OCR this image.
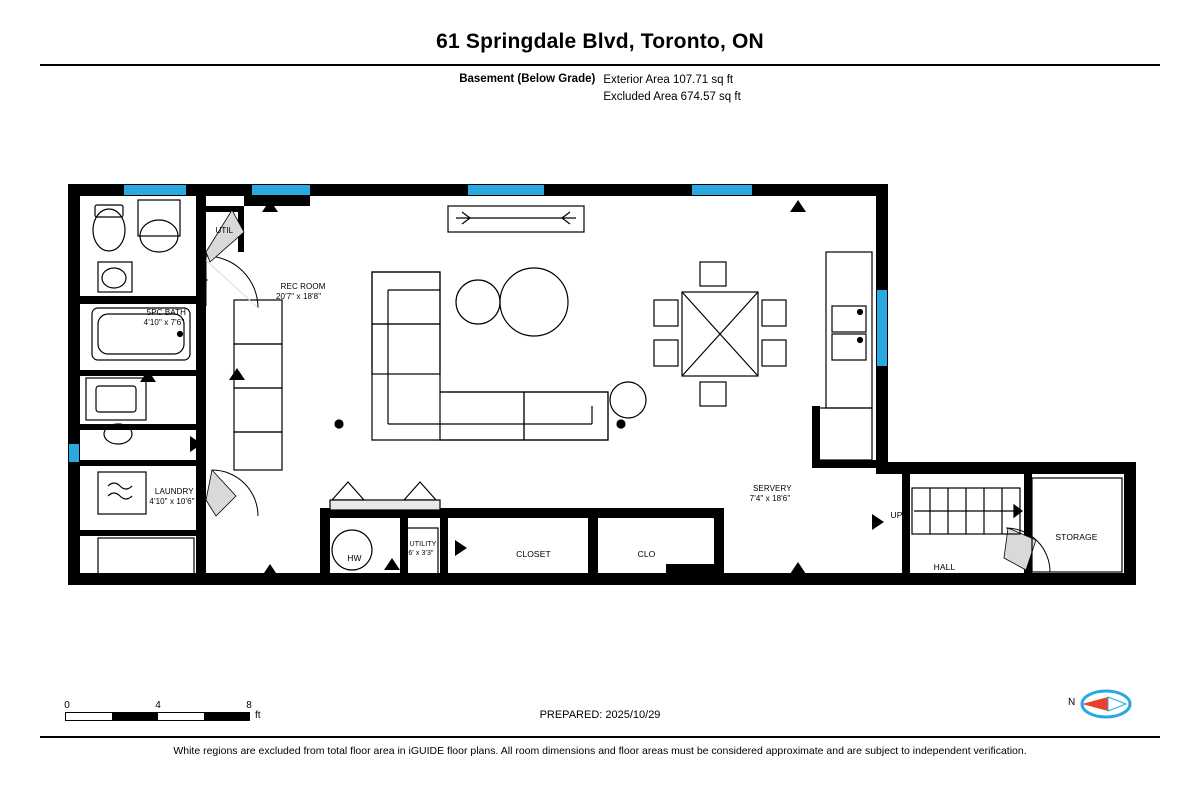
61 Springdale Blvd, Toronto, ON
Basement (Below Grade) Exterior Area 107.71 sq ft
Excluded Area 674.57 sq ft

UTIL

5PC BATH
4'10" x 7'6"

LAUNDRY
4'10" x 10'6"

REC ROOM
20'7" x 18'8"

SERVERY
7'4" x 18'6"

UTILITY
6' x 3'3"	CLOSET	CLO

HALL

STORAGE

UP

HW

FN

0	4	8
ft
N
PREPARED: 2025/10/29
White regions are excluded from total floor area in iGUIDE floor plans. All room dimensions and floor areas must be considered approximate and are subject to independent verification.
